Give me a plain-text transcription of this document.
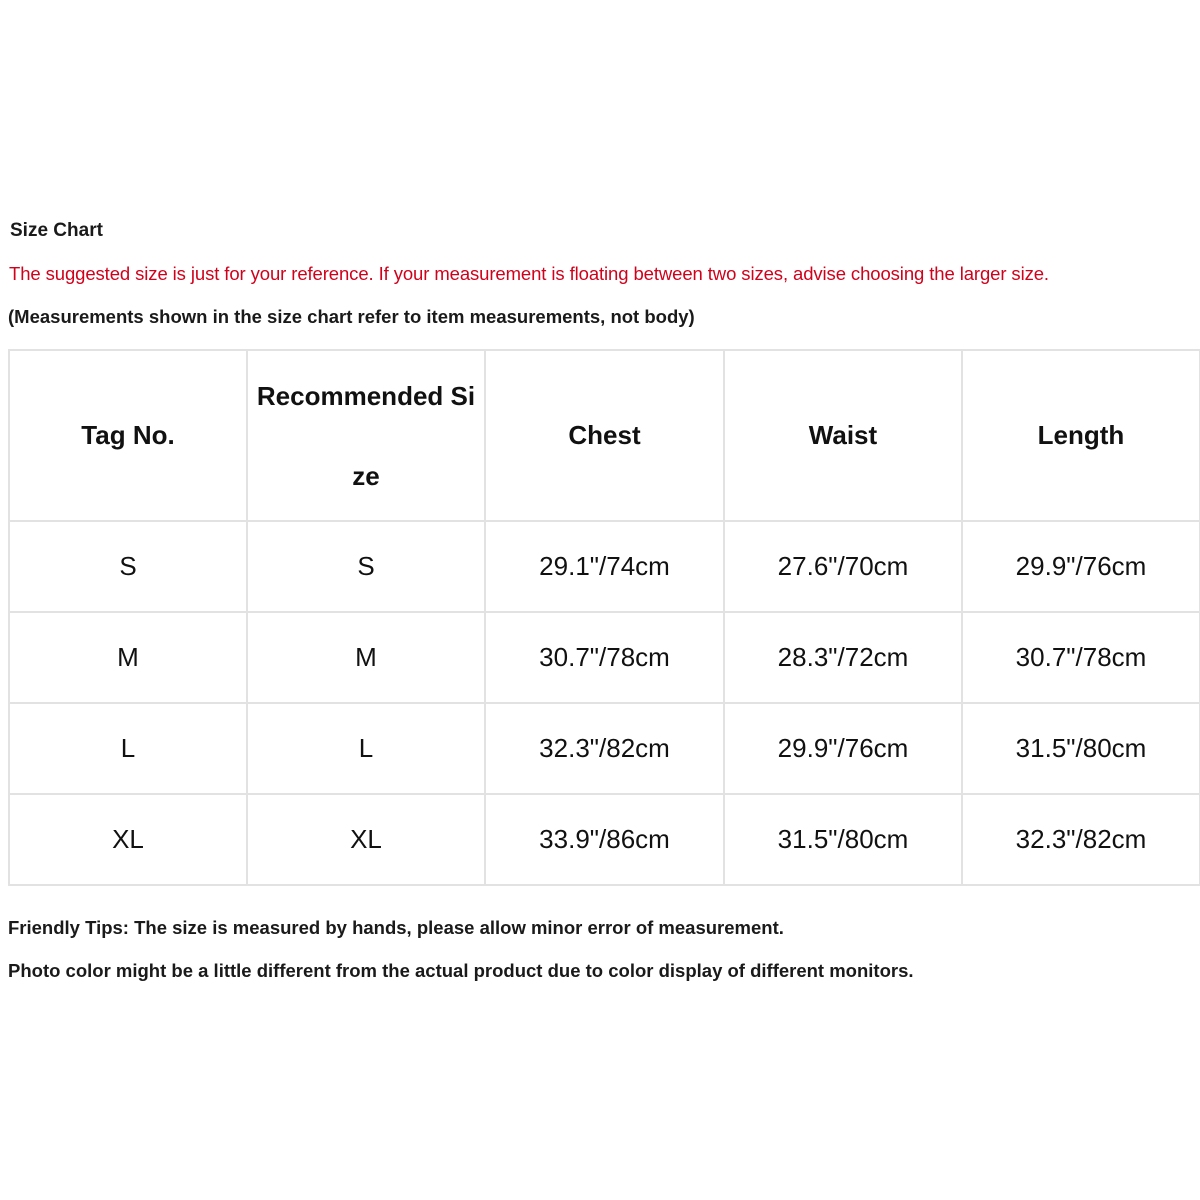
Size Chart
The suggested size is just for your reference. If your measurement is floating between two sizes, advise choosing the larger size.
(Measurements shown in the size chart refer to item measurements, not body)
Tag No.	Recommended Size	Chest	Waist	Length
S	S	29.1"/74cm	27.6"/70cm	29.9"/76cm
M	M	30.7"/78cm	28.3"/72cm	30.7"/78cm
L	L	32.3"/82cm	29.9"/76cm	31.5"/80cm
XL	XL	33.9"/86cm	31.5"/80cm	32.3"/82cm
Friendly Tips: The size is measured by hands, please allow minor error of measurement.
Photo color might be a little different from the actual product due to color display of different monitors.
